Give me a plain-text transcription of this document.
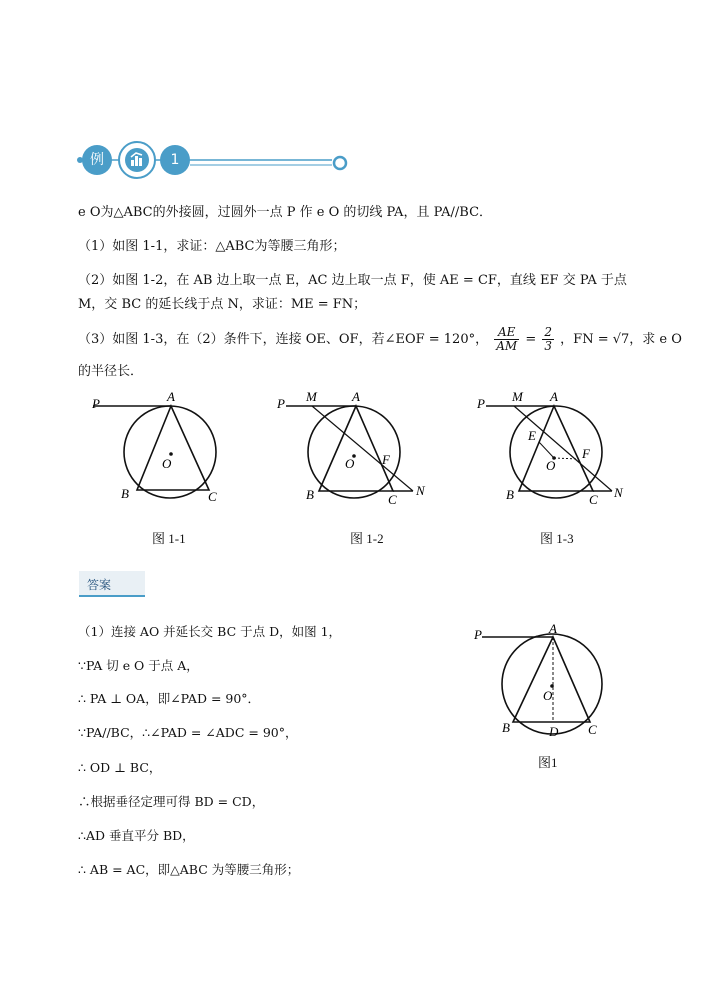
例	1
e O为△ABC的外接圆，过圆外一点 P 作 e O 的切线 PA，且 PA//BC．
（1）如图 1-1，求证：△ABC为等腰三角形；
（2）如图 1-2，在 AB 边上取一点 E，AC 边上取一点 F，使 AE = CF，直线 EF 交 PA 于点
M，交 BC 的延长线于点 N，求证：ME = FN；
（3）如图 1-3，在（2）条件下，连接 OE、OF，若∠EOF = 120°， $\frac{AE}{AM} = \frac{2}{3}$ ，FN = √7，求 e O
的半径长．
P	A
B	C
O
图 1-1
P M	A
B	C
N
F
O
图 1-2
P M A
E
F
O
B	C N
图 1-3
答案
（1）连接 AO 并延长交 BC 于点 D，如图 1，
∵PA 切 e O 于点 A，
∴ PA ⊥ OA，即∠PAD = 90°．
∵PA//BC，∴∠PAD = ∠ADC = 90°，
∴ OD ⊥ BC，
∴根据垂径定理可得 BD = CD，
∴AD 垂直平分 BD，
∴ AB = AC，即△ABC 为等腰三角形；
P	A
B	D C
O
图1
